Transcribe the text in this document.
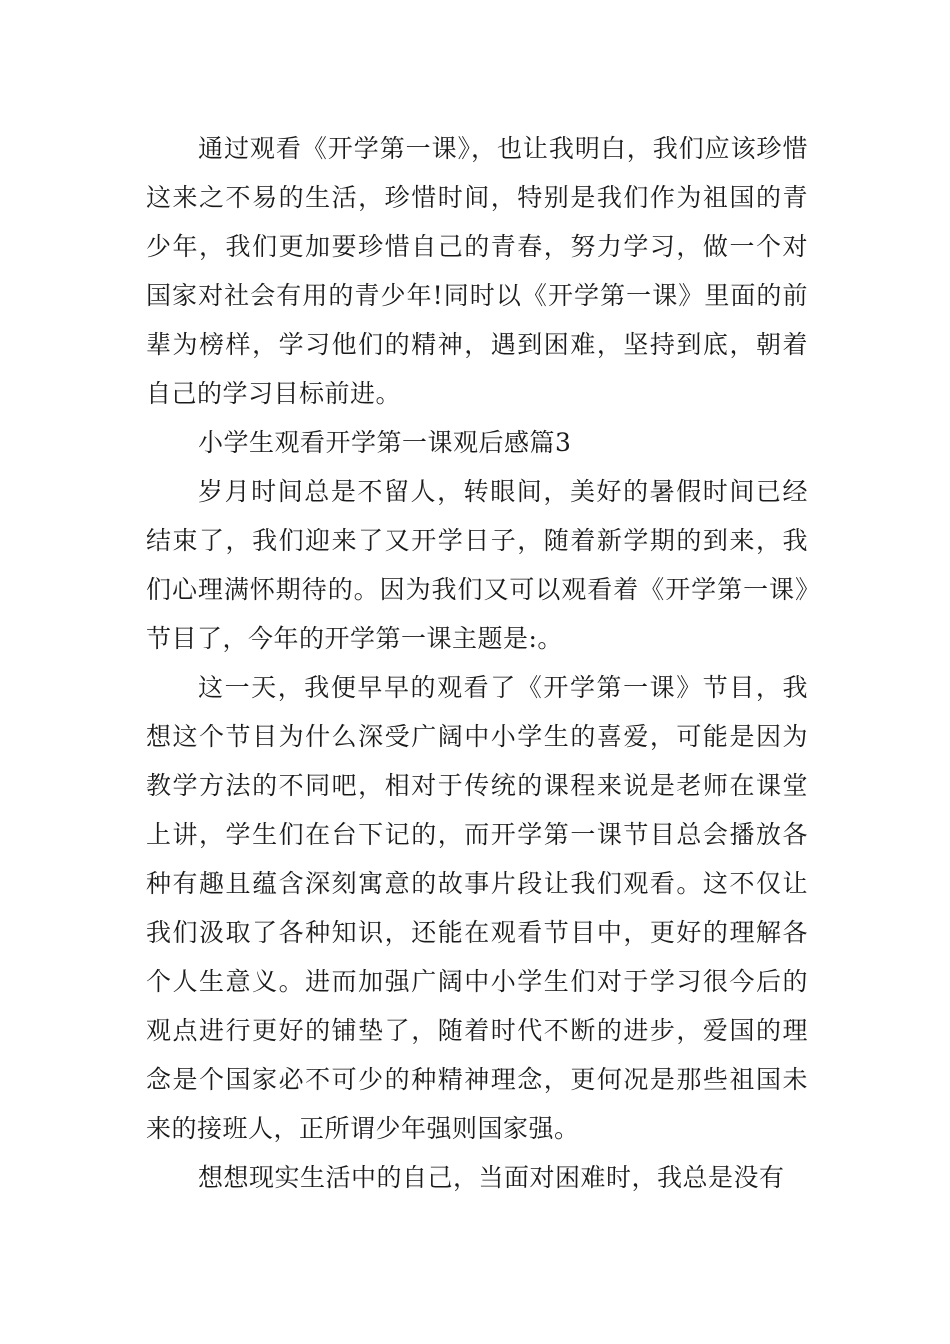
通过观看《开学第一课》，也让我明白，我们应该珍惜这来之不易的生活，珍惜时间，特别是我们作为祖国的青少年，我们更加要珍惜自己的青春，努力学习，做一个对国家对社会有用的青少年!同时以《开学第一课》里面的前辈为榜样，学习他们的精神，遇到困难，坚持到底，朝着自己的学习目标前进。

小学生观看开学第一课观后感篇3

岁月时间总是不留人，转眼间，美好的暑假时间已经结束了，我们迎来了又开学日子，随着新学期的到来，我们心理满怀期待的。因为我们又可以观看着《开学第一课》节目了，今年的开学第一课主题是:。

这一天，我便早早的观看了《开学第一课》节目，我想这个节目为什么深受广阔中小学生的喜爱，可能是因为教学方法的不同吧，相对于传统的课程来说是老师在课堂上讲，学生们在台下记的，而开学第一课节目总会播放各种有趣且蕴含深刻寓意的故事片段让我们观看。这不仅让我们汲取了各种知识，还能在观看节目中，更好的理解各个人生意义。进而加强广阔中小学生们对于学习很今后的观点进行更好的铺垫了，随着时代不断的进步，爱国的理念是个国家必不可少的种精神理念，更何况是那些祖国未来的接班人，正所谓少年强则国家强。

想想现实生活中的自己，当面对困难时，我总是没有
